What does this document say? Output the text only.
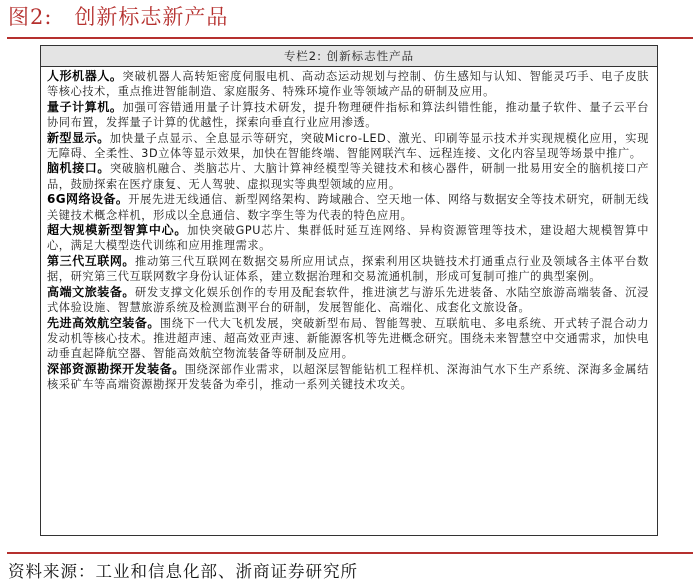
图2: 创新标志新产品
专栏2: 创新标志性产品

人形机器人。突破机器人高转矩密度伺服电机、高动态运动规划与控制、仿生感知与认知、智能灵巧手、电子皮肤等核心技术，重点推进智能制造、家庭服务、特殊环境作业等领域产品的研制及应用。

量子计算机。加强可容错通用量子计算技术研发，提升物理硬件指标和算法纠错性能，推动量子软件、量子云平台协同布置，发挥量子计算的优越性，探索向垂直行业应用渗透。

新型显示。加快量子点显示、全息显示等研究，突破Micro-LED、激光、印刷等显示技术并实现规模化应用，实现无障碍、全柔性、3D立体等显示效果，加快在智能终端、智能网联汽车、远程连接、文化内容呈现等场景中推广。

脑机接口。突破脑机融合、类脑芯片、大脑计算神经模型等关键技术和核心器件，研制一批易用安全的脑机接口产品，鼓励探索在医疗康复、无人驾驶、虚拟现实等典型领域的应用。

6G网络设备。开展先进无线通信、新型网络架构、跨域融合、空天地一体、网络与数据安全等技术研究，研制无线关键技术概念样机，形成以全息通信、数字孪生等为代表的特色应用。

超大规模新型智算中心。加快突破GPU芯片、集群低时延互连网络、异构资源管理等技术，建设超大规模智算中心，满足大模型迭代训练和应用推理需求。

第三代互联网。推动第三代互联网在数据交易所应用试点，探索利用区块链技术打通重点行业及领域各主体平台数据，研究第三代互联网数字身份认证体系，建立数据治理和交易流通机制，形成可复制可推广的典型案例。

高端文旅装备。研发支撑文化娱乐创作的专用及配套软件，推进演艺与游乐先进装备、水陆空旅游高端装备、沉浸式体验设施、智慧旅游系统及检测监测平台的研制，发展智能化、高端化、成套化文旅设备。

先进高效航空装备。围绕下一代大飞机发展，突破新型布局、智能驾驶、互联航电、多电系统、开式转子混合动力发动机等核心技术。推进超声速、超高效亚声速、新能源客机等先进概念研究。围绕未来智慧空中交通需求，加快电动垂直起降航空器、智能高效航空物流装备等研制及应用。

深部资源勘探开发装备。围绕深部作业需求，以超深层智能钻机工程样机、深海油气水下生产系统、深海多金属结核采矿车等高端资源勘探开发装备为牵引，推动一系列关键技术攻关。

资料来源：工业和信息化部、浙商证券研究所
